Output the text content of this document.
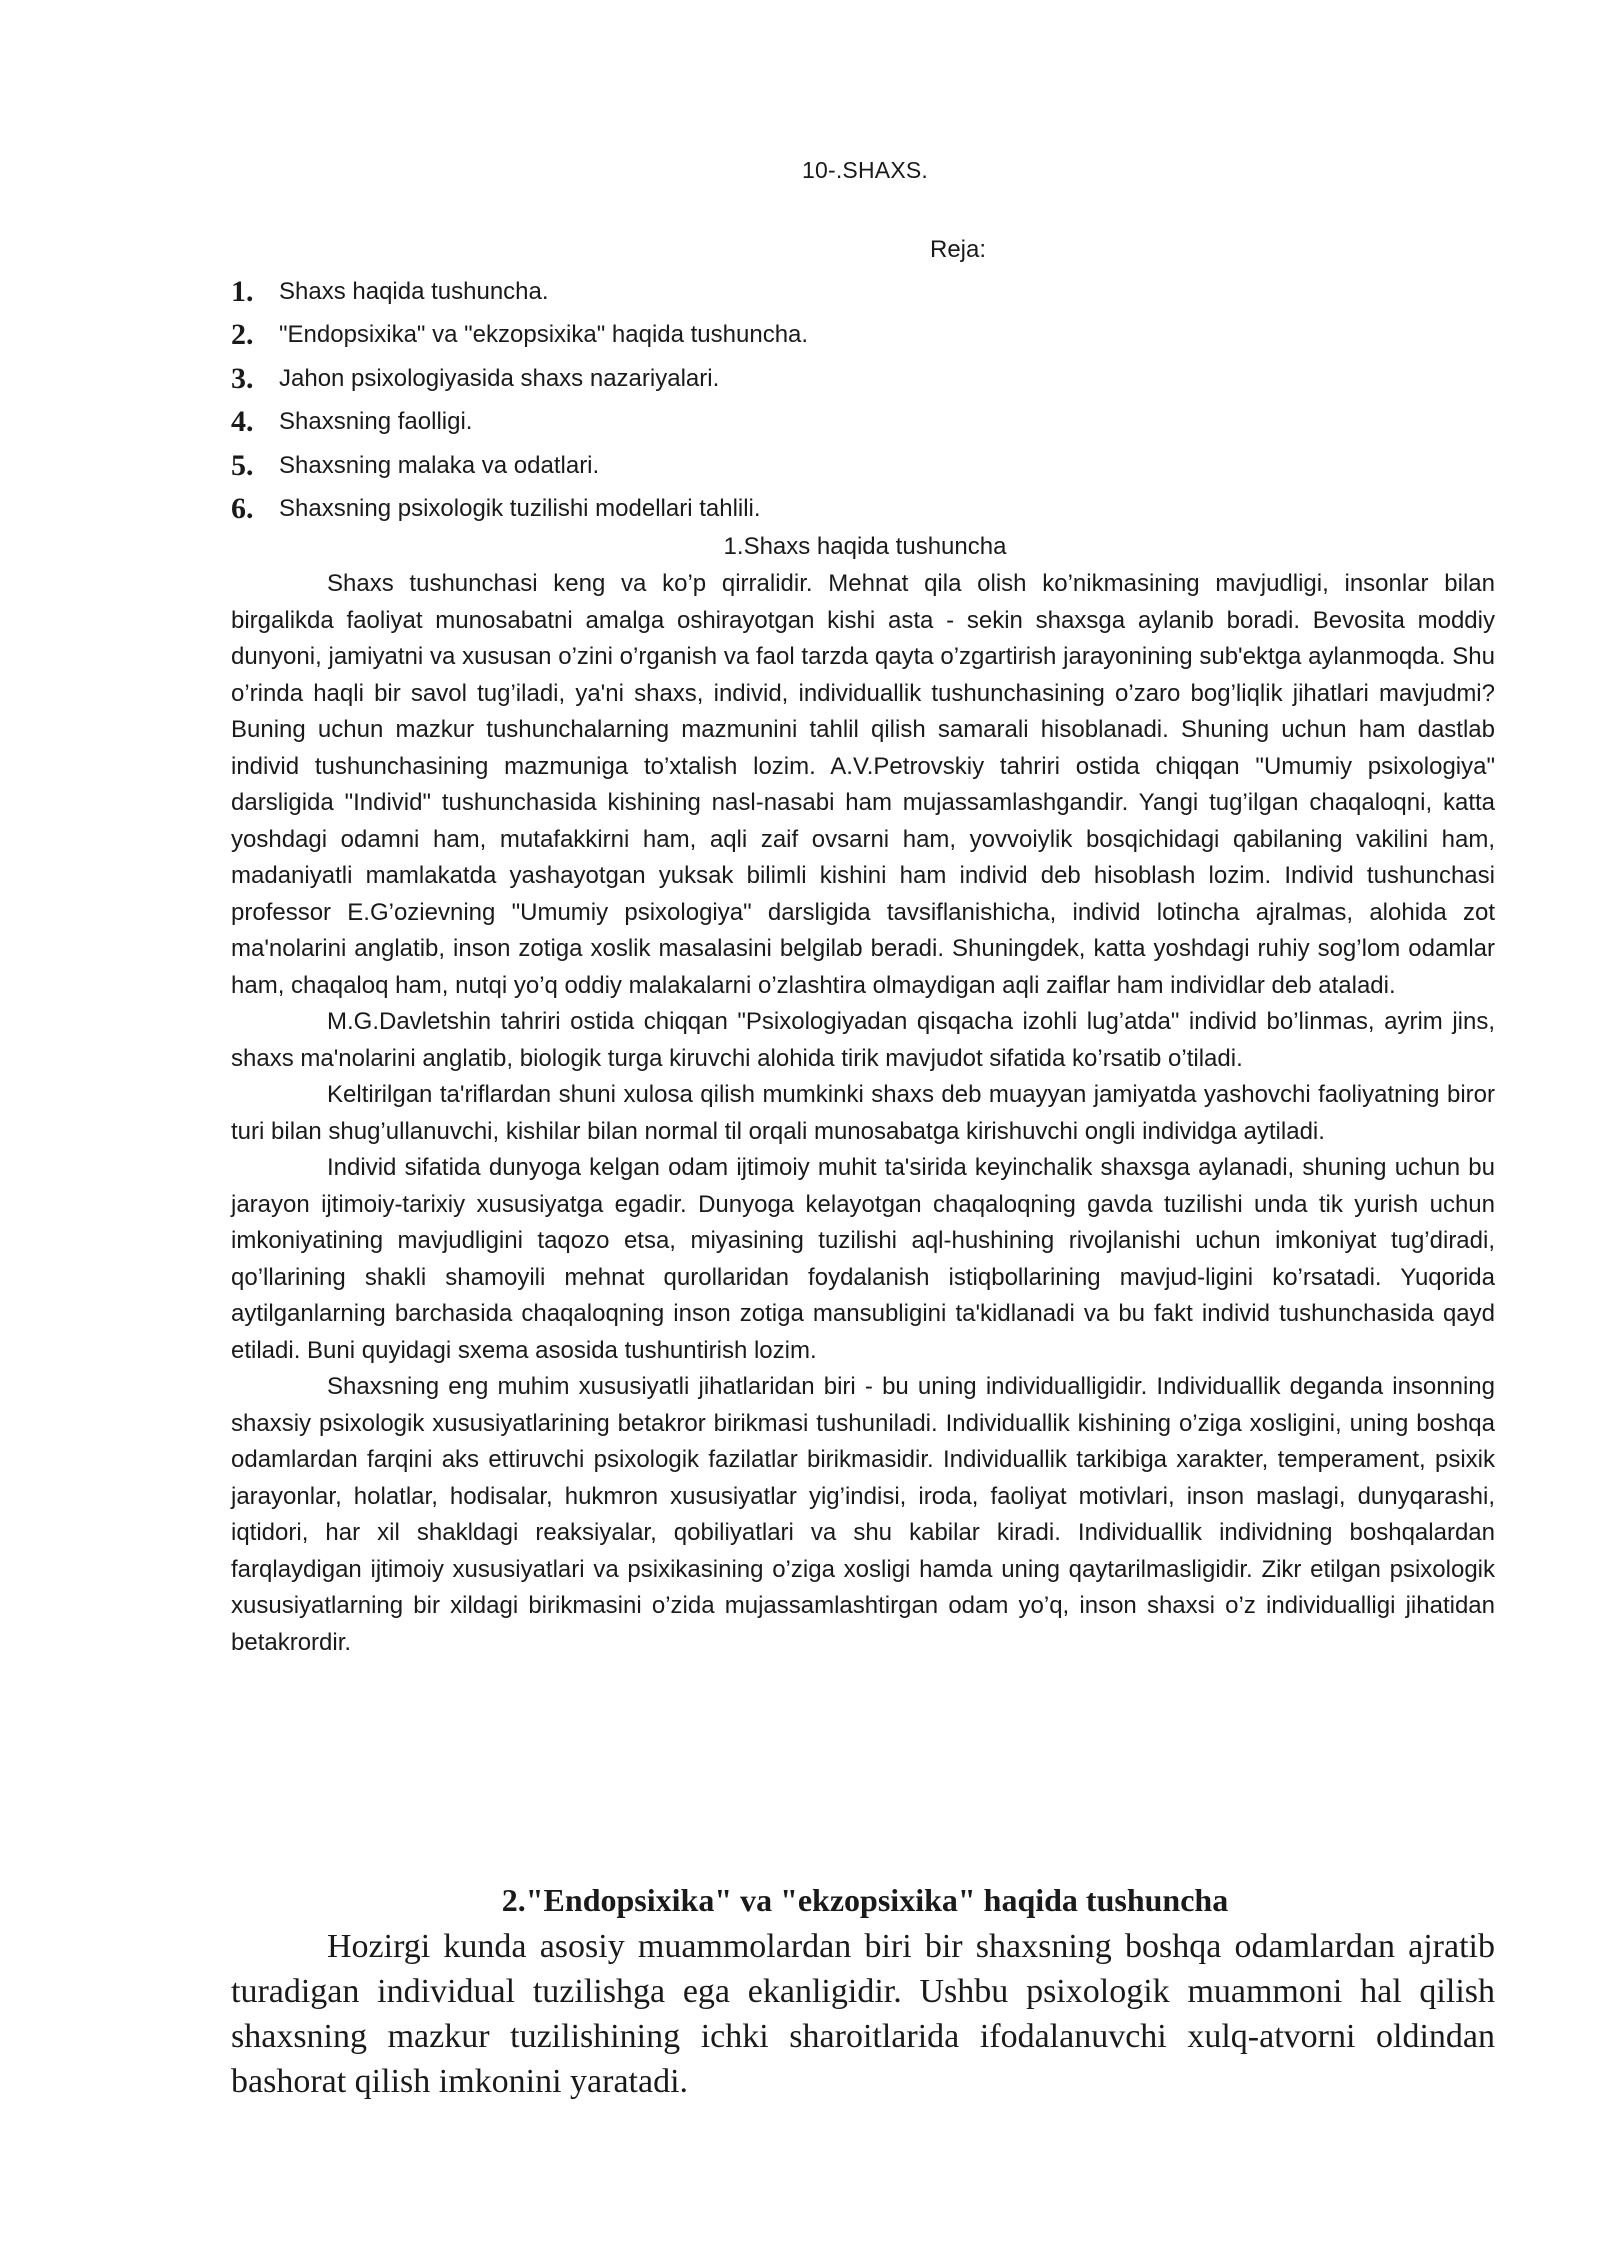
10-.SHAXS.
Reja:
1.	Shaxs haqida tushuncha.
2.	"Endopsixika" va "ekzopsixika" haqida tushuncha.
3.	Jahon psixologiyasida shaxs nazariyalari.
4.	Shaxsning faolligi.
5.	Shaxsning malaka va odatlari.
6.	Shaxsning psixologik tuzilishi modellari tahlili.
1.Shaxs haqida tushuncha

Shaxs tushunchasi keng va ko’p qirralidir. Mehnat qila olish ko’nikmasining mavjudligi, insonlar bilan birgalikda faoliyat munosabatni amalga oshirayotgan kishi asta - sekin shaxsga aylanib boradi. Bevosita moddiy dunyoni, jamiyatni va xususan o’zini o’rganish va faol tarzda qayta o’zgartirish jarayonining sub'ektga aylanmoqda. Shu o’rinda haqli bir savol tug’iladi, ya'ni shaxs, individ, individuallik tushunchasining o’zaro bog’liqlik jihatlari mavjudmi? Buning uchun mazkur tushunchalarning mazmunini tahlil qilish samarali hisoblanadi. Shuning uchun ham dastlab individ tushunchasining mazmuniga to’xtalish lozim. A.V.Petrovskiy tahriri ostida chiqqan "Umumiy psixologiya" darsligida "Individ" tushunchasida kishining nasl-nasabi ham mujassamlashgandir. Yangi tug’ilgan chaqaloqni, katta yoshdagi odamni ham, mutafakkirni ham, aqli zaif ovsarni ham, yovvoiylik bosqichidagi qabilaning vakilini ham, madaniyatli mamlakatda yashayotgan yuksak bilimli kishini ham individ deb hisoblash lozim. Individ tushunchasi professor E.G’ozievning "Umumiy psixologiya" darsligida tavsiflanishicha, individ lotincha ajralmas, alohida zot ma'nolarini anglatib, inson zotiga xoslik masalasini belgilab beradi. Shuningdek, katta yoshdagi ruhiy sog’lom odamlar ham, chaqaloq ham, nutqi yo’q oddiy malakalarni o’zlashtira olmaydigan aqli zaiflar ham individlar deb ataladi.

M.G.Davletshin tahriri ostida chiqqan "Psixologiyadan qisqacha izohli lug’atda" individ bo’linmas, ayrim jins, shaxs ma'nolarini anglatib, biologik turga kiruvchi alohida tirik mavjudot sifatida ko’rsatib o’tiladi.

Keltirilgan ta'riflardan shuni xulosa qilish mumkinki shaxs deb muayyan jamiyatda yashovchi faoliyatning biror turi bilan shug’ullanuvchi, kishilar bilan normal til orqali munosabatga kirishuvchi ongli individga aytiladi.

Individ sifatida dunyoga kelgan odam ijtimoiy muhit ta'sirida keyinchalik shaxsga aylanadi, shuning uchun bu jarayon ijtimoiy-tarixiy xususiyatga egadir. Dunyoga kelayotgan chaqaloqning gavda tuzilishi unda tik yurish uchun imkoniyatining mavjudligini taqozo etsa, miyasining tuzilishi aql-hushining rivojlanishi uchun imkoniyat tug’diradi, qo’llarining shakli shamoyili mehnat qurollaridan foydalanish istiqbollarining mavjud-ligini ko’rsatadi. Yuqorida aytilganlarning barchasida chaqaloqning inson zotiga mansubligini ta'kidlanadi va bu fakt individ tushunchasida qayd etiladi. Buni quyidagi sxema asosida tushuntirish lozim.

Shaxsning eng muhim xususiyatli jihatlaridan biri - bu uning individualligidir. Individuallik deganda insonning shaxsiy psixologik xususiyatlarining betakror birikmasi tushuniladi. Individuallik kishining o’ziga xosligini, uning boshqa odamlardan farqini aks ettiruvchi psixologik fazilatlar birikmasidir. Individuallik tarkibiga xarakter, temperament, psixik jarayonlar, holatlar, hodisalar, hukmron xususiyatlar yig’indisi, iroda, faoliyat motivlari, inson maslagi, dunyqarashi, iqtidori, har xil shakldagi reaksiyalar, qobiliyatlari va shu kabilar kiradi. Individuallik individning boshqalardan farqlaydigan ijtimoiy xususiyatlari va psixikasining o’ziga xosligi hamda uning qaytarilmasligidir. Zikr etilgan psixologik xususiyatlarning bir xildagi birikmasini o’zida mujassamlashtirgan odam yo’q, inson shaxsi o’z individualligi jihatidan betakrordir.

2."Endopsixika" va "ekzopsixika" haqida tushuncha

Hozirgi kunda asosiy muammolardan biri bir shaxsning boshqa odamlardan ajratib turadigan individual tuzilishga ega ekanligidir. Ushbu psixologik muammoni hal qilish shaxsning mazkur tuzilishining ichki sharoitlarida ifodalanuvchi xulq-atvorni oldindan bashorat qilish imkonini yaratadi.
